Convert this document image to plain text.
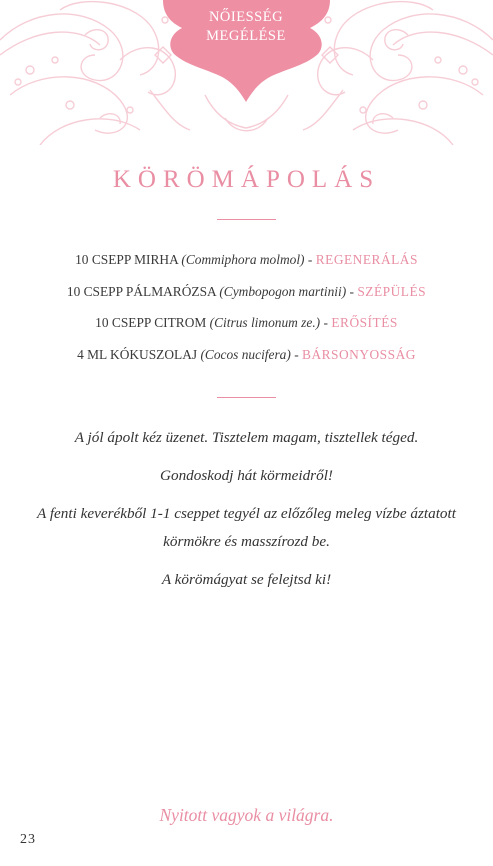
NŐIESSÉG
MEGÉLÉSE
KÖRÖMÁPOLÁS
10 CSEPP MIRHA (Commiphora molmol) - REGENERÁLÁS
10 CSEPP PÁLMARÓZSA (Cymbopogon martinii) - SZÉPÜLÉS
10 CSEPP CITROM (Citrus limonum ze.) - ERŐSÍTÉS
4 ML KÓKUSZOLAJ (Cocos nucifera) - BÁRSONYOSSÁG

A jól ápolt kéz üzenet. Tisztelem magam, tisztellek téged.

Gondoskodj hát körmeidről!

A fenti keverékből 1-1 cseppet tegyél az előzőleg meleg vízbe áztatott körmökre és masszírozd be.

A körömágyat se felejtsd ki!

Nyitott vagyok a világra.
23
